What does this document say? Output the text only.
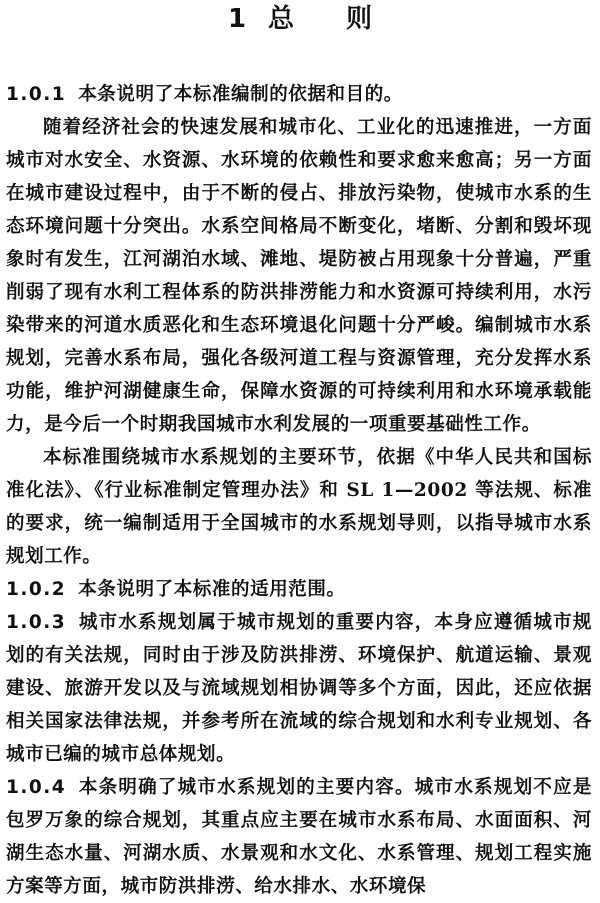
1 总 则

1.0.1 本条说明了本标准编制的依据和目的。

随着经济社会的快速发展和城市化、工业化的迅速推进，一方面城市对水安全、水资源、水环境的依赖性和要求愈来愈高；另一方面在城市建设过程中，由于不断的侵占、排放污染物，使城市水系的生态环境问题十分突出。水系空间格局不断变化，堵断、分割和毁坏现象时有发生，江河湖泊水域、滩地、堤防被占用现象十分普遍，严重削弱了现有水利工程体系的防洪排涝能力和水资源可持续利用，水污染带来的河道水质恶化和生态环境退化问题十分严峻。编制城市水系规划，完善水系布局，强化各级河道工程与资源管理，充分发挥水系功能，维护河湖健康生命，保障水资源的可持续利用和水环境承载能力，是今后一个时期我国城市水利发展的一项重要基础性工作。

本标准围绕城市水系规划的主要环节，依据《中华人民共和国标准化法》、《行业标准制定管理办法》和 SL 1—2002 等法规、标准的要求，统一编制适用于全国城市的水系规划导则，以指导城市水系规划工作。

1.0.2 本条说明了本标准的适用范围。

1.0.3 城市水系规划属于城市规划的重要内容，本身应遵循城市规划的有关法规，同时由于涉及防洪排涝、环境保护、航道运输、景观建设、旅游开发以及与流域规划相协调等多个方面，因此，还应依据相关国家法律法规，并参考所在流域的综合规划和水利专业规划、各城市已编的城市总体规划。

1.0.4 本条明确了城市水系规划的主要内容。城市水系规划不应是包罗万象的综合规划，其重点应主要在城市水系布局、水面面积、河湖生态水量、河湖水质、水景观和水文化、水系管理、规划工程实施方案等方面，城市防洪排涝、给水排水、水环境保
